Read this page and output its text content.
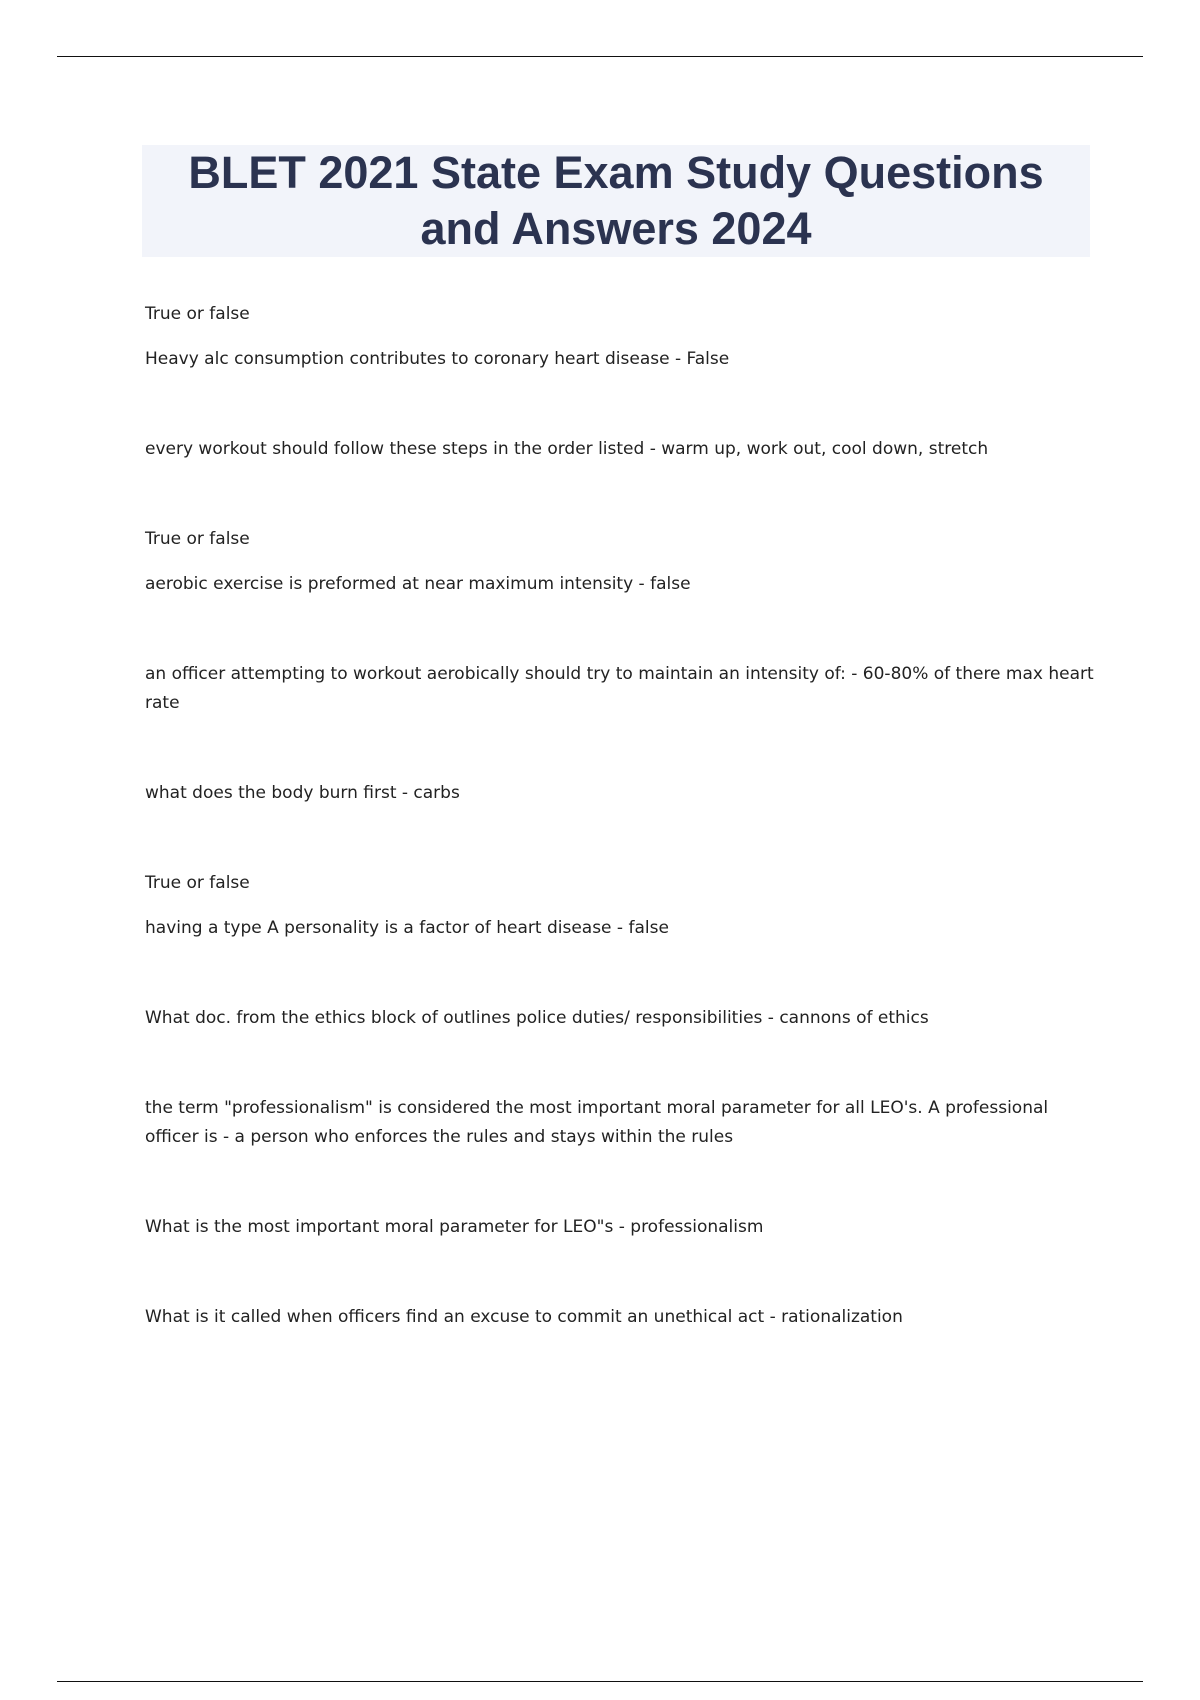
BLET 2021 State Exam Study Questions
and Answers 2024

True or false

Heavy alc consumption contributes to coronary heart disease - False

every workout should follow these steps in the order listed - warm up, work out, cool down, stretch

True or false

aerobic exercise is preformed at near maximum intensity - false

an officer attempting to workout aerobically should try to maintain an intensity of: - 60-80% of there max heart rate

what does the body burn first - carbs

True or false

having a type A personality is a factor of heart disease - false

What doc. from the ethics block of outlines police duties/ responsibilities - cannons of ethics

the term "professionalism" is considered the most important moral parameter for all LEO's. A professional officer is - a person who enforces the rules and stays within the rules

What is the most important moral parameter for LEO"s - professionalism

What is it called when officers find an excuse to commit an unethical act - rationalization
